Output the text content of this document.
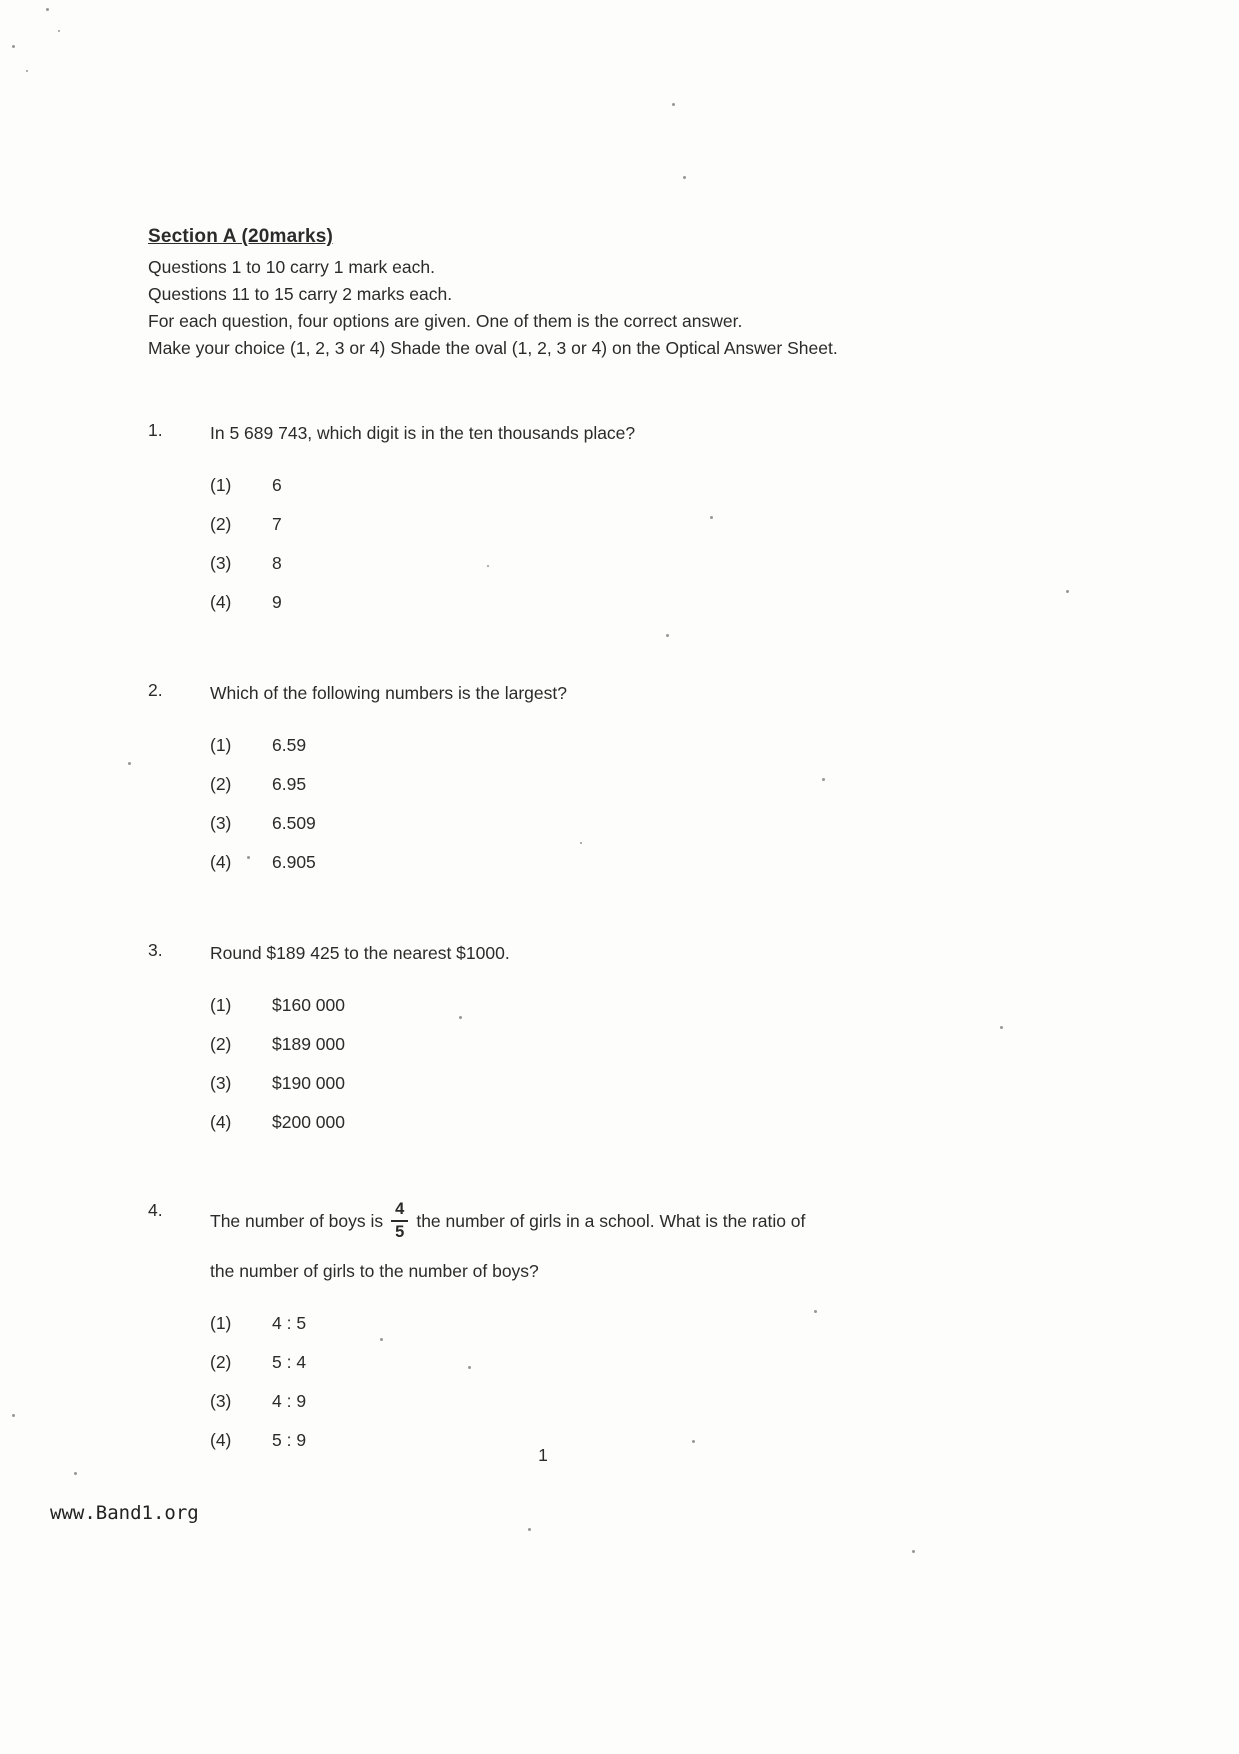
Section A (20marks)
Questions 1 to 10 carry 1 mark each.
Questions 11 to 15 carry 2 marks each.
For each question, four options are given. One of them is the correct answer.
Make your choice (1, 2, 3 or 4) Shade the oval (1, 2, 3 or 4) on the Optical Answer Sheet.
1.	In 5 689 743, which digit is in the ten thousands place?
(1)	6
(2)	7
(3)	8
(4)	9
2.	Which of the following numbers is the largest?
(1)	6.59
(2)	6.95
(3)	6.509
(4)	6.905
3.	Round $189 425 to the nearest $1000.
(1)	$160 000
(2)	$189 000
(3)	$190 000
(4)	$200 000
4.
The number of boys is $\frac{4}{5}$ the number of girls in a school. What is the ratio of
the number of girls to the number of boys?
(1)	4 : 5
(2)	5 : 4
(3)	4 : 9
(4)	5 : 9
1
www.Band1.org
